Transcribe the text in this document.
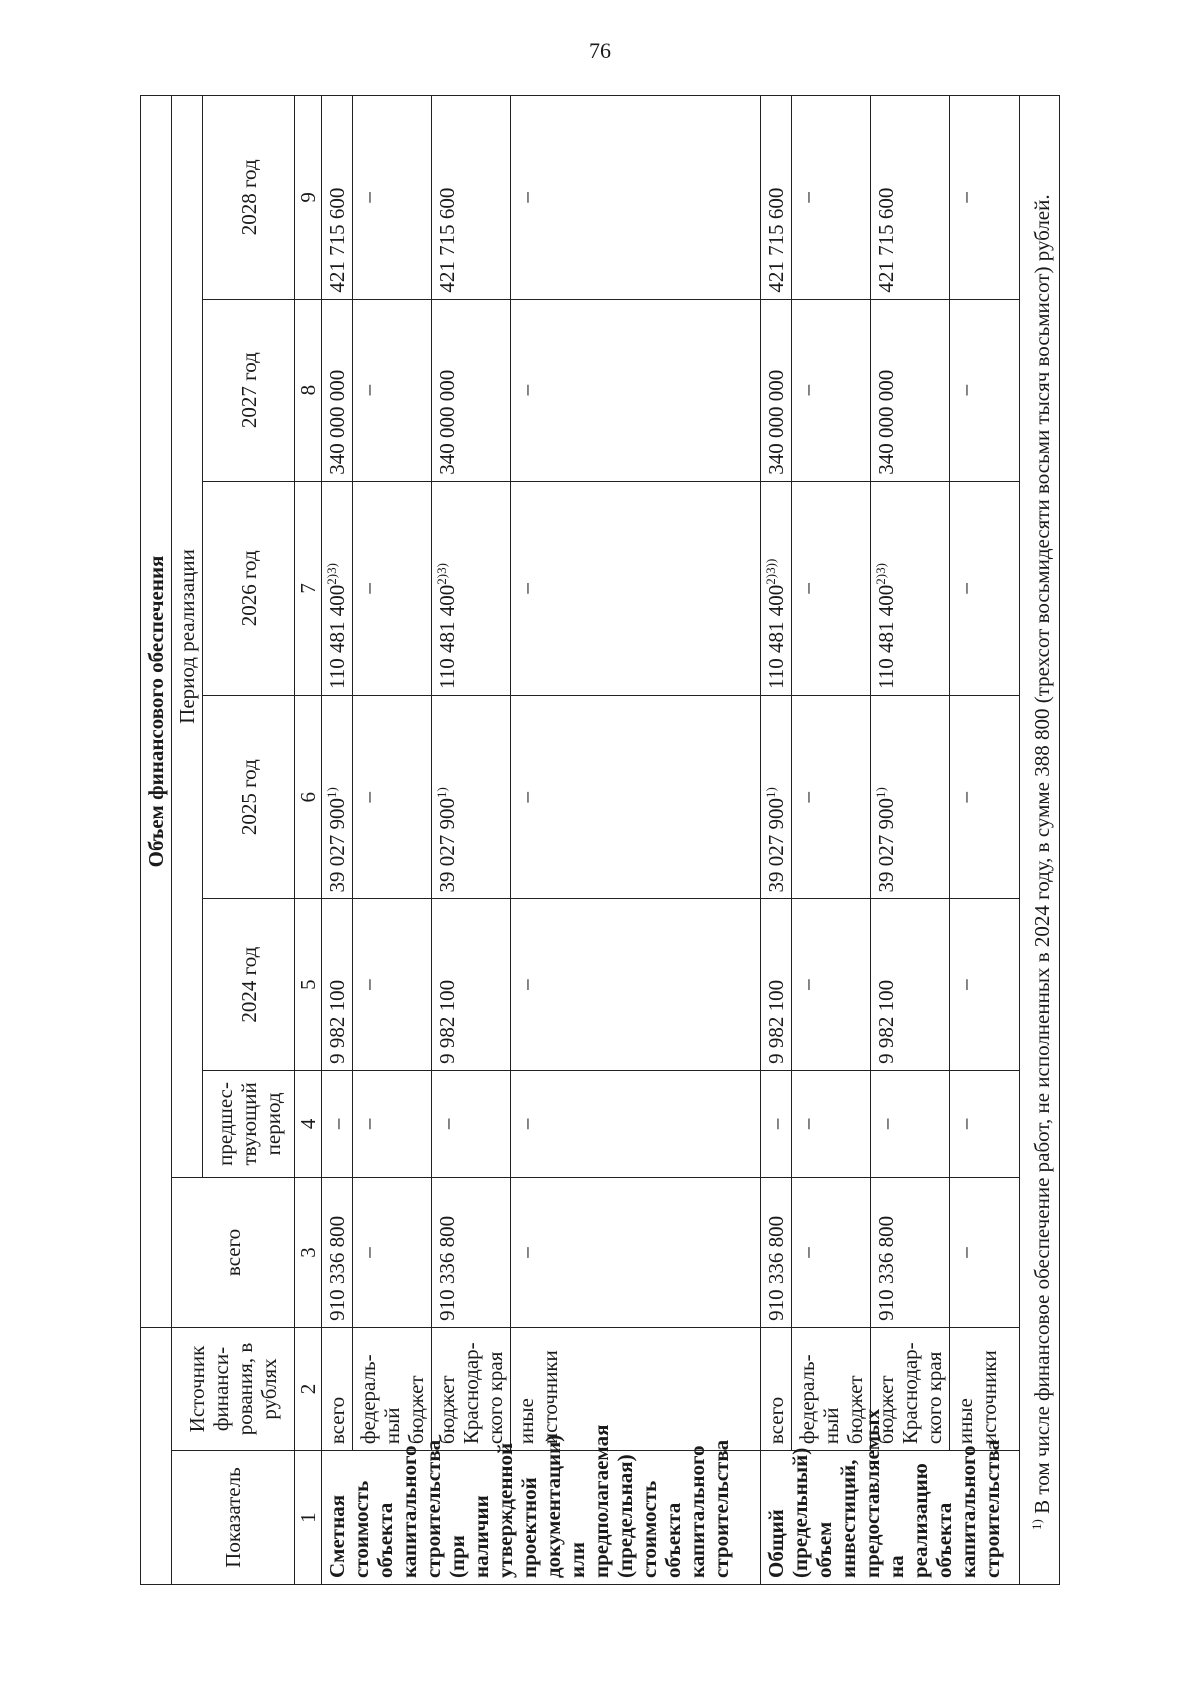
76
		Объем финансового обеспечения						
Показатель	Источник финанси-рования, в рублях	всего	Период реализации					
			предшес-твующий период	2024 год	2025 год	2026 год	2027 год	2028 год
1	2	3	4	5	6	7	8	9
Сметная стоимость объекта капитального строительства (при наличии утвержденной проектной документации) или предполагаемая (предельная) стоимость объекта капитального строительства	всего	910 336 800	–	9 982 100	39 027 900$^{1)}$	110 481 $400^{2)3)}$	340 000 000	421 715 600
	федераль-ный бюджет	–	–	–	–	–	–	–
	бюджет Краснодар-ского края	910 336 800	–	9 982 100	39 027 900$^{1)}$	110 481 $400^{2)3)}$	340 000 000	421 715 600
	иные источники	–	–	–	–	–	–	–
Общий (предельный) объем инвестиций, предоставляемых на реализацию объекта капитального строительства	всего	910 336 800	–	9 982 100	39 027 900$^{1)}$	110 481 $400^{2)3))}$	340 000 000	421 715 600
	федераль-ный бюджет	–	–	–	–	–	–	–
	бюджет Краснодар-ского края	910 336 800	–	9 982 100	39 027 900$^{1)}$	110 481 $400^{2)3)}$	340 000 000	421 715 600
	иные источники	–	–	–	–	–	–	–

$^{1)}$ В том числе финансовое обеспечение работ, не исполненных в 2024 году, в сумме 388 800 (трехсот восьмидесяти восьми тысяч восьмисот) рублей.								
